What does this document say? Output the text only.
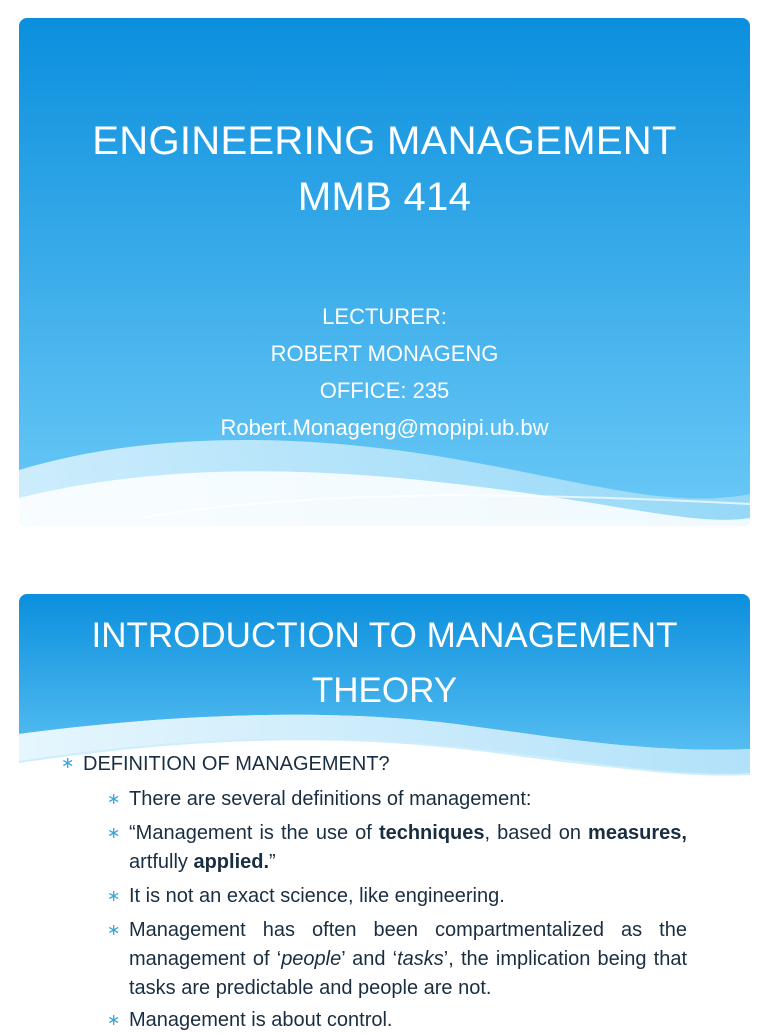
ENGINEERING MANAGEMENT
MMB 414
LECTURER:
ROBERT MONAGENG
OFFICE: 235
Robert.Monageng@mopipi.ub.bw
INTRODUCTION TO MANAGEMENT
THEORY
∗ DEFINITION OF MANAGEMENT?
∗ There are several definitions of management:
∗ “Management is the use of techniques, based on measures, artfully applied.”
∗ It is not an exact science, like engineering.
∗ Management has often been compartmentalized as the management of ‘people’ and ‘tasks’, the implication being that tasks are predictable and people are not.
∗ Management is about control.
